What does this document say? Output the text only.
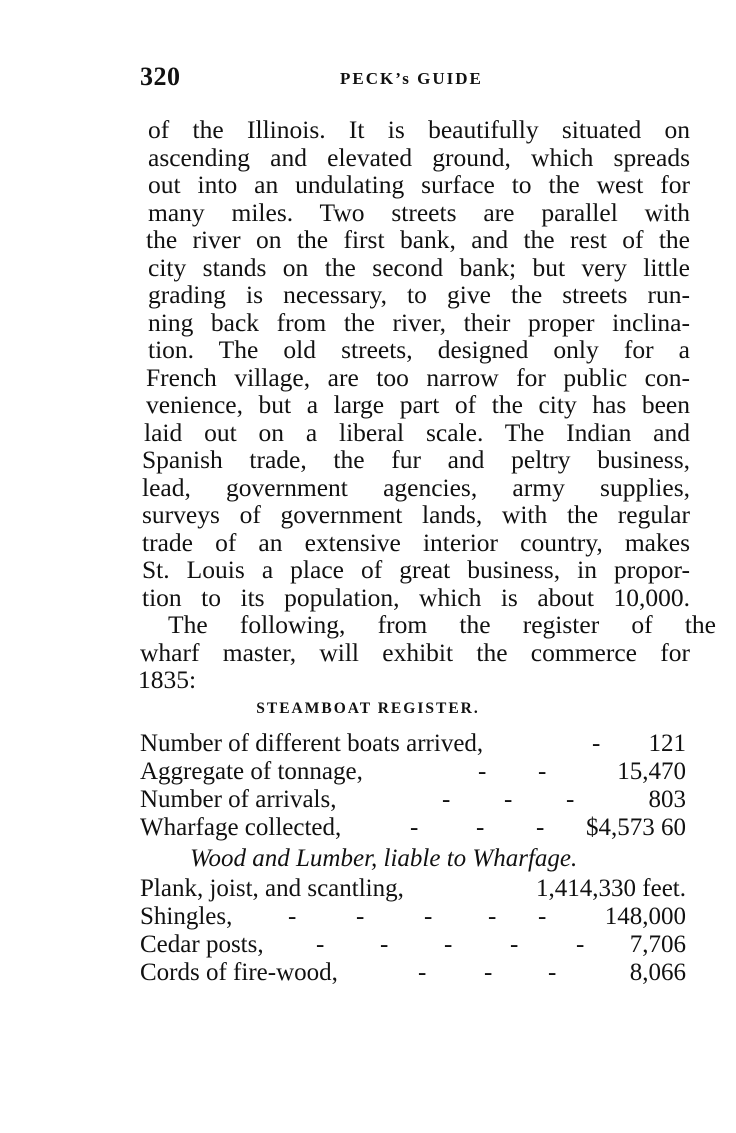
320	PECK’s GUIDE
of the Illinois. It is beautifully situated on
ascending and elevated ground, which spreads
out into an undulating surface to the west for
many miles. Two streets are parallel with
the river on the first bank, and the rest of the
city stands on the second bank; but very little
grading is necessary, to give the streets run-
ning back from the river, their proper inclina-
tion. The old streets, designed only for a
French village, are too narrow for public con-
venience, but a large part of the city has been
laid out on a liberal scale. The Indian and
Spanish trade, the fur and peltry business,
lead, government agencies, army supplies,
surveys of government lands, with the regular
trade of an extensive interior country, makes
St. Louis a place of great business, in propor-
tion to its population, which is about 10,000.
The following, from the register of the
wharf master, will exhibit the commerce for
1835:
STEAMBOAT REGISTER.
Number of different boats arrived,	- 121
Aggregate of tonnage,	- -	15,470
Number of arrivals,	- - -	803
Wharfage collected,	- - - $4,573 60
Wood and Lumber, liable to Wharfage.
Plank, joist, and scantling,	1,414,330 feet.
Shingles, - - - - - 148,000
Cedar posts, - - - - - 7,706
Cords of fire-wood,	- - -	8,066
